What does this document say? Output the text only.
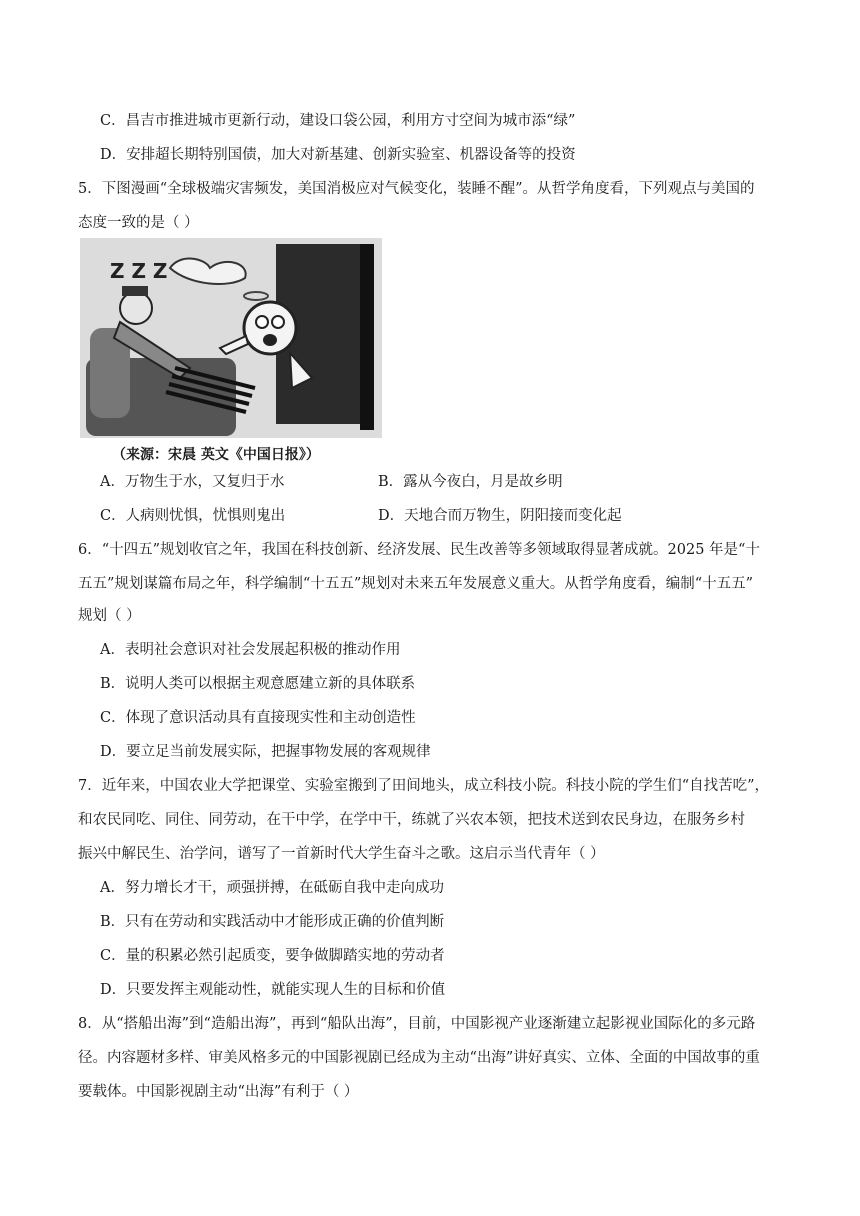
C．昌吉市推进城市更新行动，建设口袋公园，利用方寸空间为城市添“绿”
D．安排超长期特别国债，加大对新基建、创新实验室、机器设备等的投资
5．下图漫画“全球极端灾害频发，美国消极应对气候变化，装睡不醒”。从哲学角度看，下列观点与美国的
态度一致的是（ ）
Z Z Z
（来源：宋晨 英文《中国日报》）
A．万物生于水，又复归于水	B．露从今夜白，月是故乡明
C．人病则忧惧，忧惧则鬼出	D．天地合而万物生，阴阳接而变化起
6．“十四五”规划收官之年，我国在科技创新、经济发展、民生改善等多领域取得显著成就。2025 年是“十
五五”规划谋篇布局之年，科学编制“十五五”规划对未来五年发展意义重大。从哲学角度看，编制“十五五”
规划（ ）
A．表明社会意识对社会发展起积极的推动作用
B．说明人类可以根据主观意愿建立新的具体联系
C．体现了意识活动具有直接现实性和主动创造性
D．要立足当前发展实际，把握事物发展的客观规律
7．近年来，中国农业大学把课堂、实验室搬到了田间地头，成立科技小院。科技小院的学生们“自找苦吃”，
和农民同吃、同住、同劳动，在干中学，在学中干，练就了兴农本领，把技术送到农民身边，在服务乡村
振兴中解民生、治学问，谱写了一首新时代大学生奋斗之歌。这启示当代青年（ ）
A．努力增长才干，顽强拼搏，在砥砺自我中走向成功
B．只有在劳动和实践活动中才能形成正确的价值判断
C．量的积累必然引起质变，要争做脚踏实地的劳动者
D．只要发挥主观能动性，就能实现人生的目标和价值
8．从“搭船出海”到“造船出海”，再到“船队出海”，目前，中国影视产业逐渐建立起影视业国际化的多元路
径。内容题材多样、审美风格多元的中国影视剧已经成为主动“出海”讲好真实、立体、全面的中国故事的重
要载体。中国影视剧主动“出海”有利于（ ）
